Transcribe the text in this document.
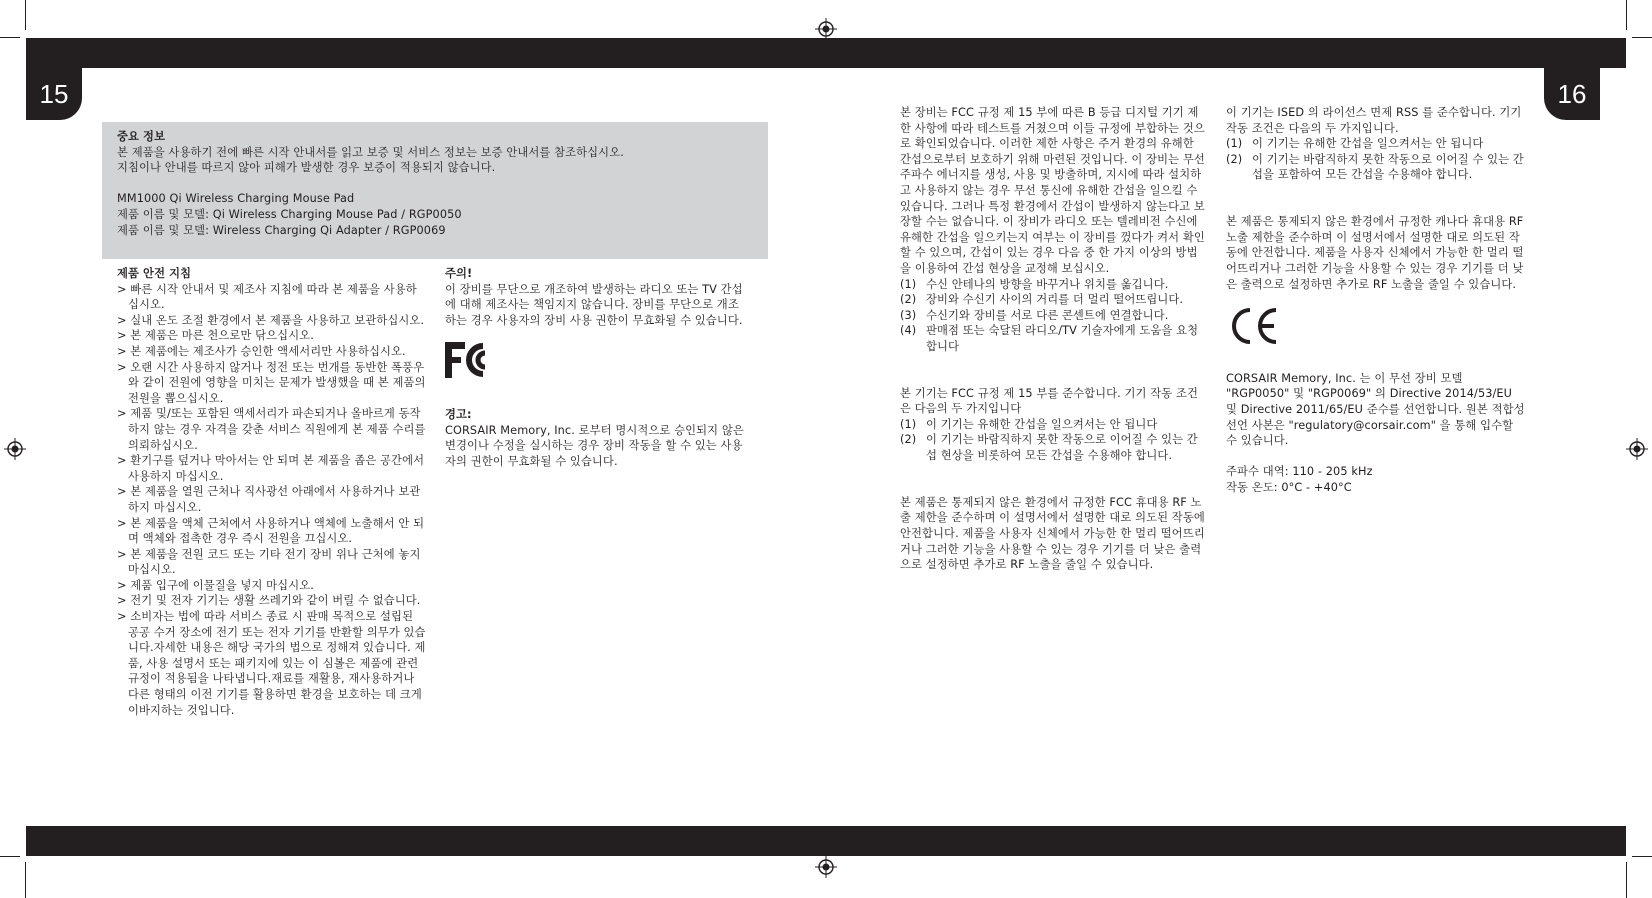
15	16

중요 정보

본 제품을 사용하기 전에 빠른 시작 안내서를 읽고 보증 및 서비스 정보는 보증 안내서를 참조하십시오.

지침이나 안내를 따르지 않아 피해가 발생한 경우 보증이 적용되지 않습니다.

MM1000 Qi Wireless Charging Mouse Pad

제품 이름 및 모델: Qi Wireless Charging Mouse Pad / RGP0050

제품 이름 및 모델: Wireless Charging Qi Adapter / RGP0069

제품 안전 지침

> 빠른 시작 안내서 및 제조사 지침에 따라 본 제품을 사용하십시오.
> 실내 온도 조절 환경에서 본 제품을 사용하고 보관하십시오.
> 본 제품은 마른 천으로만 닦으십시오.
> 본 제품에는 제조사가 승인한 액세서리만 사용하십시오.
> 오랜 시간 사용하지 않거나 정전 또는 번개를 동반한 폭풍우와 같이 전원에 영향을 미치는 문제가 발생했을 때 본 제품의 전원을 뽑으십시오.
> 제품 및/또는 포함된 액세서리가 파손되거나 올바르게 동작하지 않는 경우 자격을 갖춘 서비스 직원에게 본 제품 수리를 의뢰하십시오.
> 환기구를 덮거나 막아서는 안 되며 본 제품을 좁은 공간에서 사용하지 마십시오.
> 본 제품을 열원 근처나 직사광선 아래에서 사용하거나 보관하지 마십시오.
> 본 제품을 액체 근처에서 사용하거나 액체에 노출해서 안 되며 액체와 접촉한 경우 즉시 전원을 끄십시오.
> 본 제품을 전원 코드 또는 기타 전기 장비 위나 근처에 놓지 마십시오.
> 제품 입구에 이물질을 넣지 마십시오.
> 전기 및 전자 기기는 생활 쓰레기와 같이 버릴 수 없습니다.
> 소비자는 법에 따라 서비스 종료 시 판매 목적으로 설립된 공공 수거 장소에 전기 또는 전자 기기를 반환할 의무가 있습니다.자세한 내용은 해당 국가의 법으로 정해져 있습니다. 제품, 사용 설명서 또는 패키지에 있는 이 심볼은 제품에 관련 규정이 적용됨을 나타냅니다.재료를 재활용, 재사용하거나 다른 형태의 이전 기기를 활용하면 환경을 보호하는 데 크게 이바지하는 것입니다.

주의!

이 장비를 무단으로 개조하여 발생하는 라디오 또는 TV 간섭에 대해 제조사는 책임지지 않습니다. 장비를 무단으로 개조하는 경우 사용자의 장비 사용 권한이 무효화될 수 있습니다.

경고:

CORSAIR Memory, Inc. 로부터 명시적으로 승인되지 않은 변경이나 수정을 실시하는 경우 장비 작동을 할 수 있는 사용자의 권한이 무효화될 수 있습니다.

본 장비는 FCC 규정 제 15 부에 따른 B 등급 디지털 기기 제한 사항에 따라 테스트를 거쳤으며 이들 규정에 부합하는 것으로 확인되었습니다. 이러한 제한 사항은 주거 환경의 유해한 간섭으로부터 보호하기 위해 마련된 것입니다. 이 장비는 무선 주파수 에너지를 생성, 사용 및 방출하며, 지시에 따라 설치하고 사용하지 않는 경우 무선 통신에 유해한 간섭을 일으킬 수 있습니다. 그러나 특정 환경에서 간섭이 발생하지 않는다고 보장할 수는 없습니다. 이 장비가 라디오 또는 텔레비전 수신에 유해한 간섭을 일으키는지 여부는 이 장비를 껐다가 켜서 확인할 수 있으며, 간섭이 있는 경우 다음 중 한 가지 이상의 방법을 이용하여 간섭 현상을 교정해 보십시오.

(1) 수신 안테나의 방향을 바꾸거나 위치를 옮깁니다.
(2) 장비와 수신기 사이의 거리를 더 멀리 떨어뜨립니다.
(3) 수신기와 장비를 서로 다른 콘센트에 연결합니다.
(4) 판매점 또는 숙달된 라디오/TV 기술자에게 도움을 요청합니다

본 기기는 FCC 규정 제 15 부를 준수합니다. 기기 작동 조건은 다음의 두 가지입니다

(1) 이 기기는 유해한 간섭을 일으켜서는 안 됩니다
(2) 이 기기는 바람직하지 못한 작동으로 이어질 수 있는 간섭 현상을 비롯하여 모든 간섭을 수용해야 합니다.

본 제품은 통제되지 않은 환경에서 규정한 FCC 휴대용 RF 노출 제한을 준수하며 이 설명서에서 설명한 대로 의도된 작동에 안전합니다. 제품을 사용자 신체에서 가능한 한 멀리 떨어뜨리거나 그러한 기능을 사용할 수 있는 경우 기기를 더 낮은 출력으로 설정하면 추가로 RF 노출을 줄일 수 있습니다.

이 기기는 ISED 의 라이선스 면제 RSS 를 준수합니다. 기기 작동 조건은 다음의 두 가지입니다.

(1) 이 기기는 유해한 간섭을 일으켜서는 안 됩니다
(2) 이 기기는 바람직하지 못한 작동으로 이어질 수 있는 간섭을 포함하여 모든 간섭을 수용해야 합니다.

본 제품은 통제되지 않은 환경에서 규정한 캐나다 휴대용 RF 노출 제한을 준수하며 이 설명서에서 설명한 대로 의도된 작동에 안전합니다. 제품을 사용자 신체에서 가능한 한 멀리 떨어뜨리거나 그러한 기능을 사용할 수 있는 경우 기기를 더 낮은 출력으로 설정하면 추가로 RF 노출을 줄일 수 있습니다.

CORSAIR Memory, Inc. 는 이 무선 장비 모델 "RGP0050" 및 "RGP0069" 의 Directive 2014/53/EU 및 Directive 2011/65/EU 준수를 선언합니다. 원본 적합성 선언 사본은 "regulatory@corsair.com" 을 통해 입수할 수 있습니다.

주파수 대역: 110 - 205 kHz

작동 온도: 0°C - +40°C
